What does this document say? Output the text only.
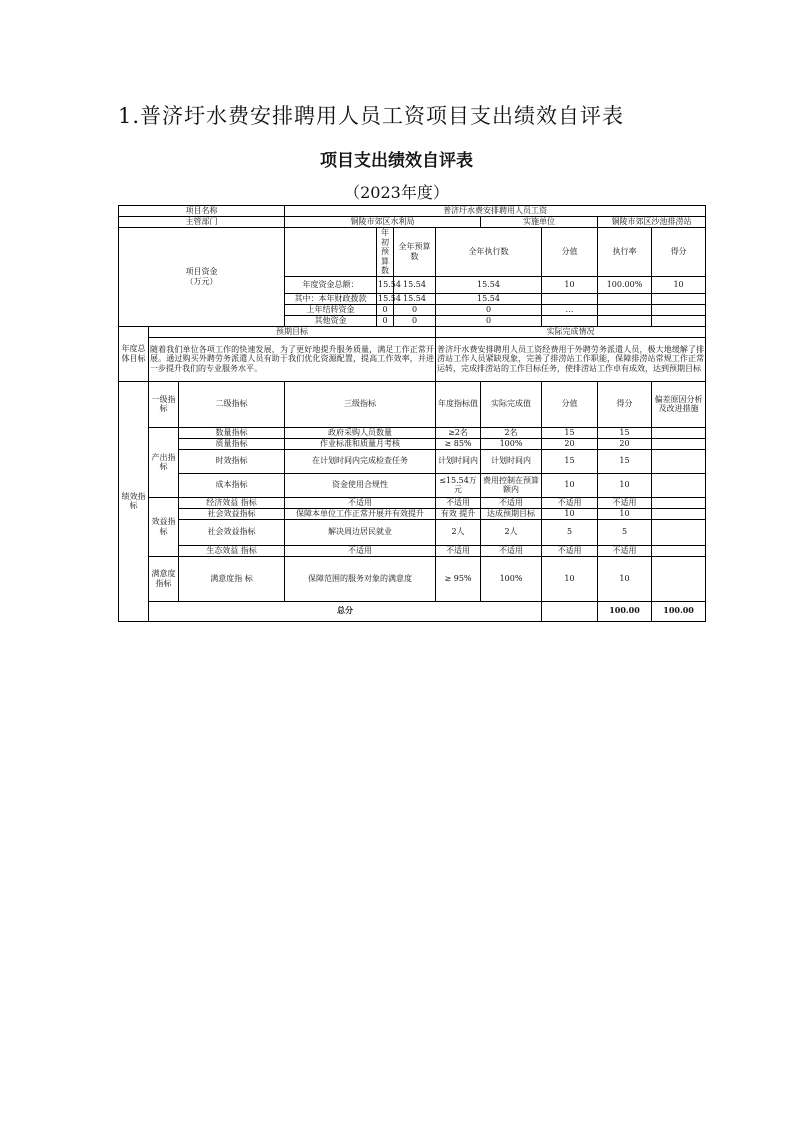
1.普济圩水费安排聘用人员工资项目支出绩效自评表
项目支出绩效自评表
（2023年度）
项目名称			普济圩水费安排聘用人员工资								
主管部门			铜陵市郊区水利局				实施单位		铜陵市郊区沙池排涝站		
项目资金
（万元）				年初预算数	全年预算数	全年执行数		分值	执行率	得分	
			年度资金总额：	15.54	15.54	15.54		10	100.00%	10	
			其中：本年财政拨款	15.54	15.54	15.54					
			上年结转资金	0	0	0		…			
			其他资金	0	0	0					
年度总体目标	预期目标					实际完成情况					
	随着我们单位各项工作的快速发展，为了更好地提升服务质量，满足工作正常开展。通过购买外聘劳务派遣人员有助于我们优化资源配置，提高工作效率，并进一步提升我们的专业服务水平。					普济圩水费安排聘用人员工资经费用于外聘劳务派遣人员，极大地缓解了排涝站工作人员紧缺现象，完善了排涝站工作职能，保障排涝站常规工作正常运转，完成排涝站的工作目标任务，使排涝站工作卓有成效，达到预期目标					
绩效指标	一级指标	二级指标	三级指标			年度指标值	实际完成值	分值	得分	偏差原因分析及改进措施	
	产出指标	数量指标	政府采购人员数量			≥2名	2名	15	15		
		质量指标	作业标准和质量月考核			≥ 85%	100%	20	20		
		时效指标	在计划时间内完成检查任务			计划时间内	计划时间内	15	15		
		成本指标	资金使用合规性			≤15.54万元	费用控制在预算额内	10	10		
	效益指标	经济效益 指标	不适用			不适用	不适用	不适用	不适用		
		社会效益指标	保障本单位工作正常开展并有效提升			有效 提升	达成预期目标	10	10		
		社会效益指标	解决周边居民就业			2人	2人	5	5		
		生态效益 指标	不适用			不适用	不适用	不适用	不适用		
	满意度指标	满意度指 标	保障范围的服务对象的满意度			≥ 95%	100%	10	10		
	总分								100.00	100.00	
